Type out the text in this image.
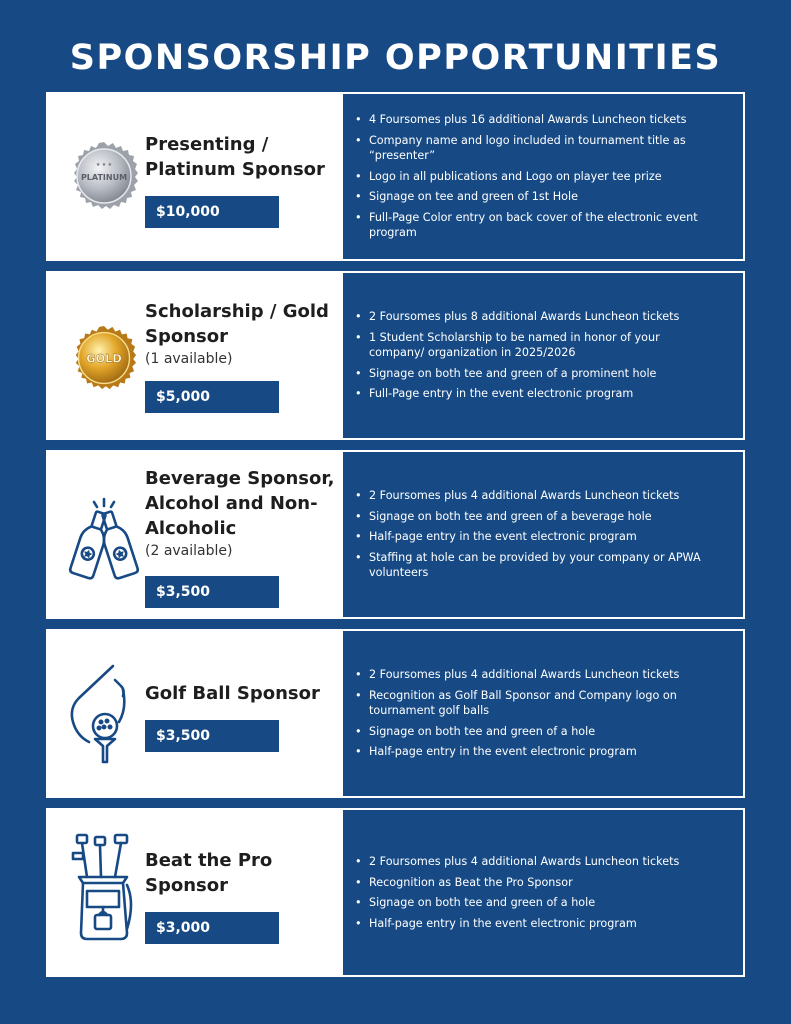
SPONSORSHIP OPPORTUNITIES
PLATINUM
★ ★ ★
Presenting / Platinum Sponsor
$10,000
• 4 Foursomes plus 16 additional Awards Luncheon tickets
• Company name and logo included in tournament title as “presenter”
• Logo in all publications and Logo on player tee prize
• Signage on tee and green of 1st Hole
• Full-Page Color entry on back cover of the electronic event program
GOLD
Scholarship / Gold Sponsor
(1 available)
$5,000
• 2 Foursomes plus 8 additional Awards Luncheon tickets
• 1 Student Scholarship to be named in honor of your company/ organization in 2025/2026
• Signage on both tee and green of a prominent hole
• Full-Page entry in the event electronic program
Beverage Sponsor, Alcohol and Non-Alcoholic
(2 available)
$3,500
• 2 Foursomes plus 4 additional Awards Luncheon tickets
• Signage on both tee and green of a beverage hole
• Half-page entry in the event electronic program
• Staffing at hole can be provided by your company or APWA volunteers
Golf Ball Sponsor
$3,500
• 2 Foursomes plus 4 additional Awards Luncheon tickets
• Recognition as Golf Ball Sponsor and Company logo on tournament golf balls
• Signage on both tee and green of a hole
• Half-page entry in the event electronic program
Beat the Pro Sponsor
$3,000
• 2 Foursomes plus 4 additional Awards Luncheon tickets
• Recognition as Beat the Pro Sponsor
• Signage on both tee and green of a hole
• Half-page entry in the event electronic program
